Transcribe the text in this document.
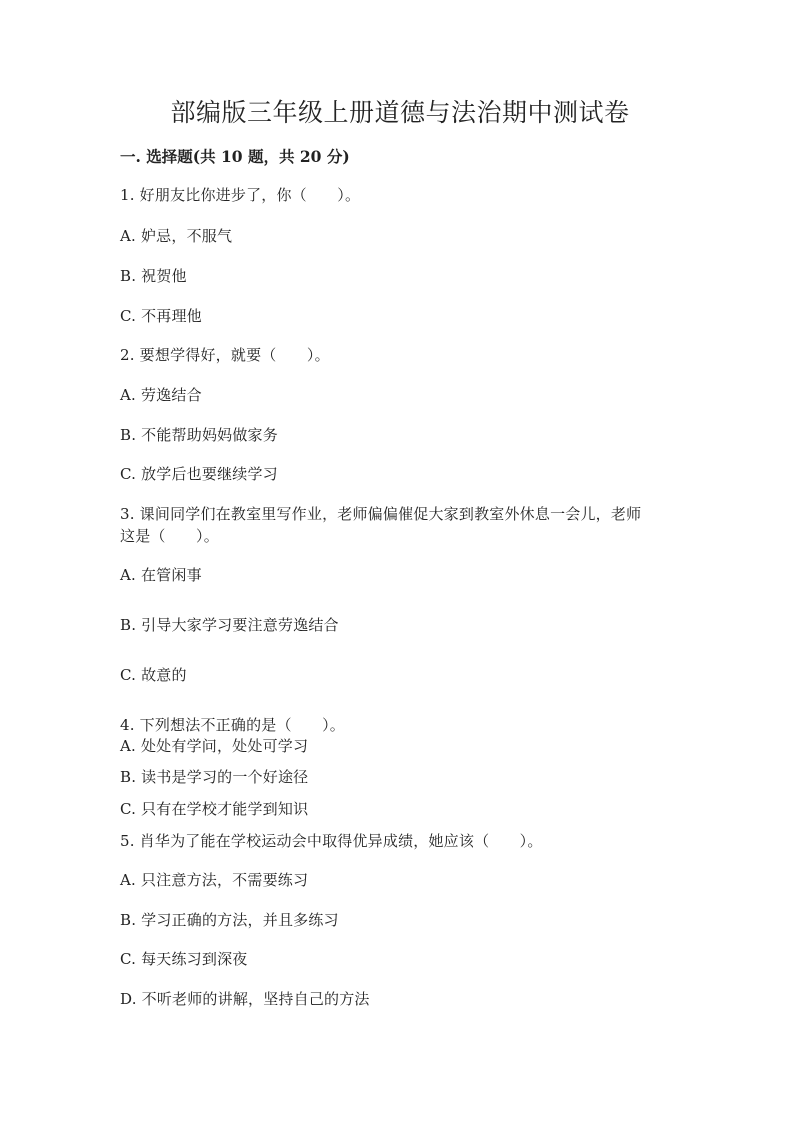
部编版三年级上册道德与法治期中测试卷
一. 选择题(共 10 题，共 20 分)
1. 好朋友比你进步了，你（　　）。
A. 妒忌，不服气
B. 祝贺他
C. 不再理他
2. 要想学得好，就要（　　）。
A. 劳逸结合
B. 不能帮助妈妈做家务
C. 放学后也要继续学习
3. 课间同学们在教室里写作业，老师偏偏催促大家到教室外休息一会儿，老师
这是（　　）。
A. 在管闲事
B. 引导大家学习要注意劳逸结合
C. 故意的
4. 下列想法不正确的是（　　）。
A. 处处有学问，处处可学习
B. 读书是学习的一个好途径
C. 只有在学校才能学到知识
5. 肖华为了能在学校运动会中取得优异成绩，她应该（　　）。
A. 只注意方法，不需要练习
B. 学习正确的方法，并且多练习
C. 每天练习到深夜
D. 不听老师的讲解，坚持自己的方法
